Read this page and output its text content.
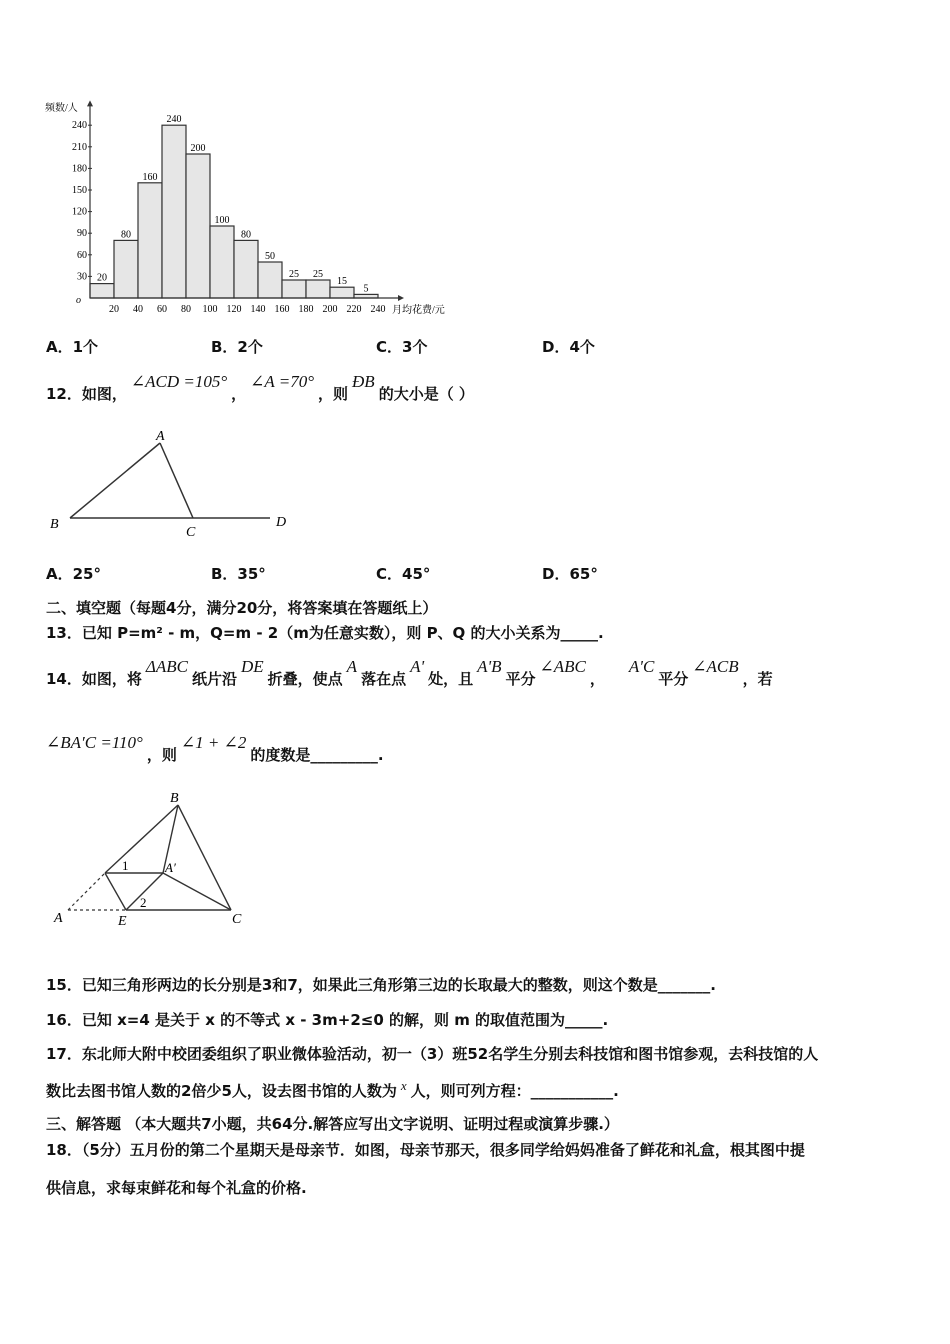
20
80
160
240
200
100
80
50
25 25
15
5
20 40 60 80 100 120 140 160 180 200 220 240
30
60
90
120
150
180
210
240
频数/人
月均花费/元
o
A．1个	B．2个	C．3个	D．4个
12．如图，∠ACD =105°，∠A =70°，则ÐB的大小是（ ）
A
B
C
D
A．25°	B．35°	C．45°	D．65°
二、填空题（每题4分，满分20分，将答案填在答题纸上）
13．已知 P=m² - m，Q=m - 2（m为任意实数），则 P、Q 的大小关系为_____.
14．如图，将ΔABC纸片沿DE折叠，使点A落在点A'处，且A'B平分∠ABC，A'C平分∠ACB，若
∠BA′C =110°，则∠1 + ∠2的度数是_________.
B
A′
A	E	C
1
2
15．已知三角形两边的长分别是3和7，如果此三角形第三边的长取最大的整数，则这个数是_______.
16．已知 x=4 是关于 x 的不等式 x - 3m+2≤0 的解，则 m 的取值范围为_____.
17．东北师大附中校团委组织了职业微体验活动，初一（3）班52名学生分别去科技馆和图书馆参观，去科技馆的人
数比去图书馆人数的2倍少5人，设去图书馆的人数为 x 人，则可列方程：___________.
三、解答题 （本大题共7小题，共64分.解答应写出文字说明、证明过程或演算步骤.）
18．（5分）五月份的第二个星期天是母亲节．如图，母亲节那天，很多同学给妈妈准备了鲜花和礼盒，根其图中提
供信息，求每束鲜花和每个礼盒的价格.
